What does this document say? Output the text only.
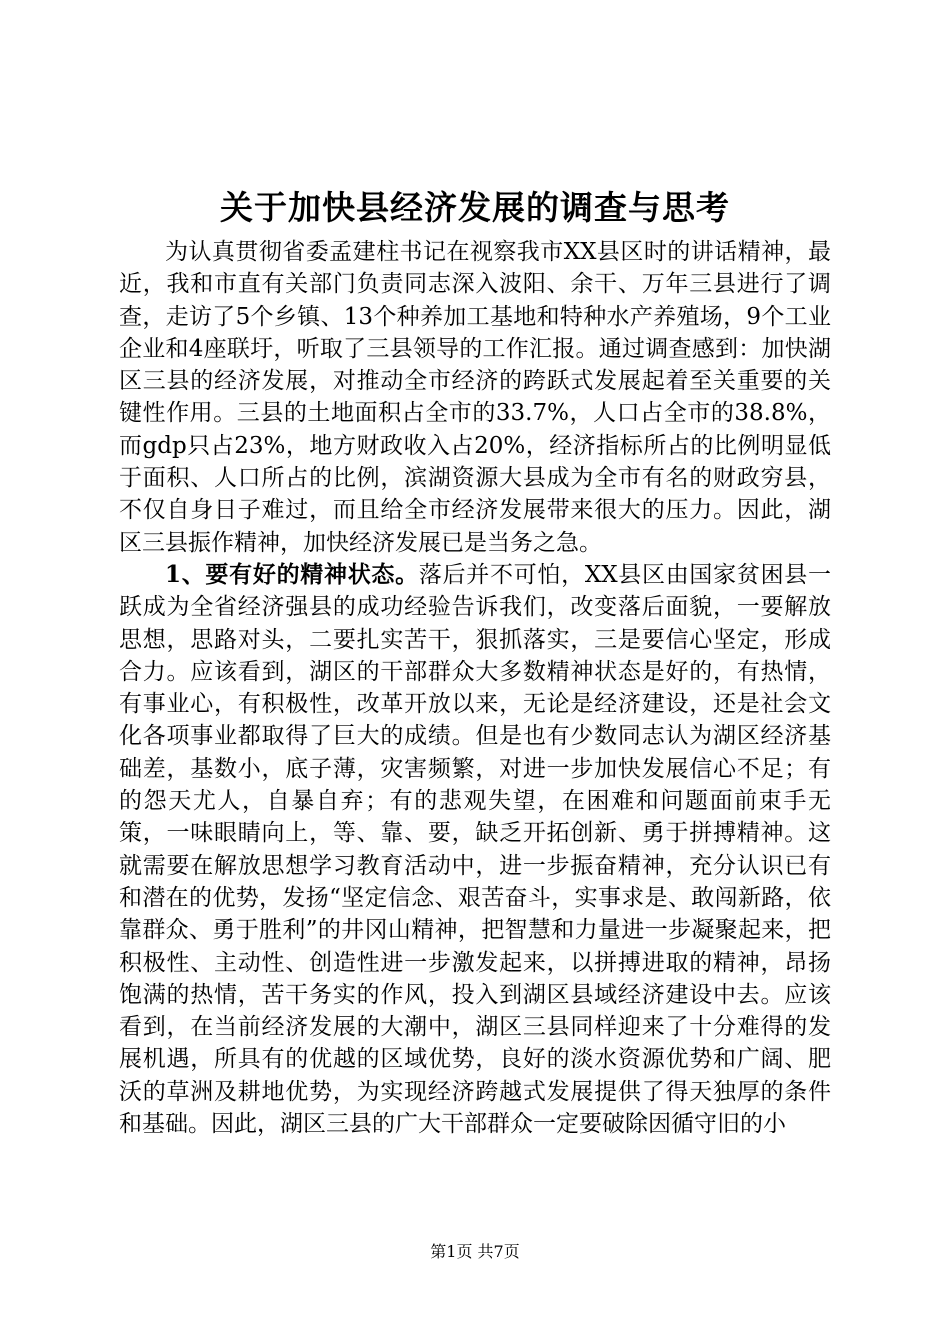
关于加快县经济发展的调查与思考

为认真贯彻省委孟建柱书记在视察我市XX县区时的讲话精神，最近，我和市直有关部门负责同志深入波阳、余干、万年三县进行了调查，走访了5个乡镇、13个种养加工基地和特种水产养殖场，9个工业企业和4座联圩，听取了三县领导的工作汇报。通过调查感到：加快湖区三县的经济发展，对推动全市经济的跨跃式发展起着至关重要的关键性作用。三县的土地面积占全市的33.7%，人口占全市的38.8%，而gdp只占23%，地方财政收入占20%，经济指标所占的比例明显低于面积、人口所占的比例，滨湖资源大县成为全市有名的财政穷县，不仅自身日子难过，而且给全市经济发展带来很大的压力。因此，湖区三县振作精神，加快经济发展已是当务之急。

1、要有好的精神状态。落后并不可怕，XX县区由国家贫困县一跃成为全省经济强县的成功经验告诉我们，改变落后面貌，一要解放思想，思路对头，二要扎实苦干，狠抓落实，三是要信心坚定，形成合力。应该看到，湖区的干部群众大多数精神状态是好的，有热情，有事业心，有积极性，改革开放以来，无论是经济建设，还是社会文化各项事业都取得了巨大的成绩。但是也有少数同志认为湖区经济基础差，基数小，底子薄，灾害频繁，对进一步加快发展信心不足；有的怨天尤人，自暴自弃；有的悲观失望，在困难和问题面前束手无策，一味眼睛向上，等、靠、要，缺乏开拓创新、勇于拼搏精神。这就需要在解放思想学习教育活动中，进一步振奋精神，充分认识已有和潜在的优势，发扬“坚定信念、艰苦奋斗，实事求是、敢闯新路，依靠群众、勇于胜利”的井冈山精神，把智慧和力量进一步凝聚起来，把积极性、主动性、创造性进一步激发起来，以拼搏进取的精神，昂扬饱满的热情，苦干务实的作风，投入到湖区县域经济建设中去。应该看到，在当前经济发展的大潮中，湖区三县同样迎来了十分难得的发展机遇，所具有的优越的区域优势，良好的淡水资源优势和广阔、肥沃的草洲及耕地优势，为实现经济跨越式发展提供了得天独厚的条件和基础。因此，湖区三县的广大干部群众一定要破除因循守旧的小

第1页 共7页
